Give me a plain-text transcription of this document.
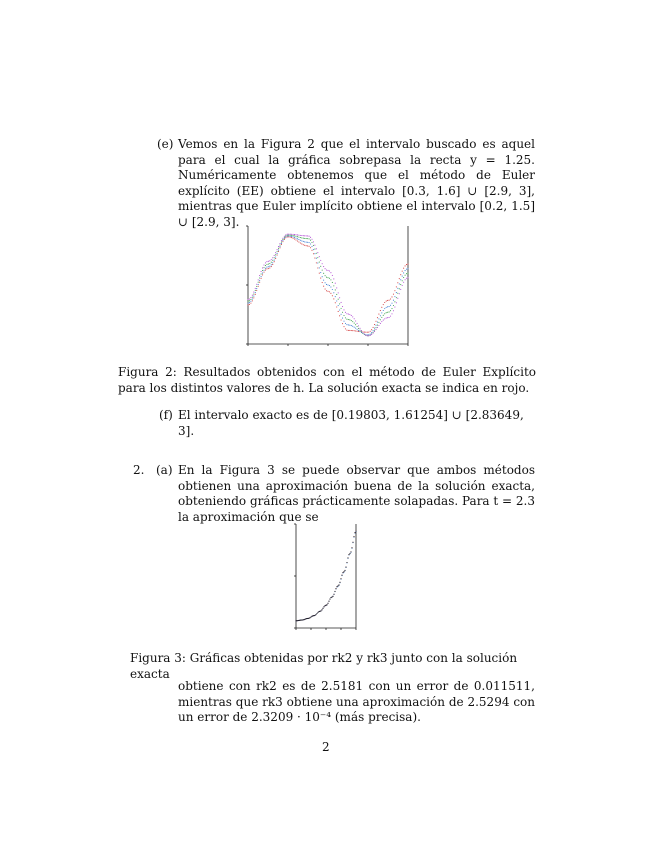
(e) Vemos en la Figura 2 que el intervalo buscado es aquel para el cual la gráfica sobrepasa la recta y = 1.25. Numéricamente obtenemos que el método de Euler explícito (EE) obtiene el intervalo [0.3, 1.6] ∪ [2.9, 3], mientras que Euler implícito obtiene el intervalo [0.2, 1.5] ∪ [2.9, 3].
Figura 2: Resultados obtenidos con el método de Euler Explícito para los distintos valores de h. La solución exacta se indica en rojo.
(f) El intervalo exacto es de [0.19803, 1.61254] ∪ [2.83649, 3].
2. (a) En la Figura 3 se puede observar que ambos métodos obtienen una aproximación buena de la solución exacta, obteniendo gráficas prácticamente solapadas. Para t = 2.3 la aproximación que se
Figura 3: Gráficas obtenidas por rk2 y rk3 junto con la solución exacta
obtiene con rk2 es de 2.5181 con un error de 0.011511, mientras que rk3 obtiene una aproximación de 2.5294 con un error de 2.3209 · 10⁻⁴ (más precisa).
2
